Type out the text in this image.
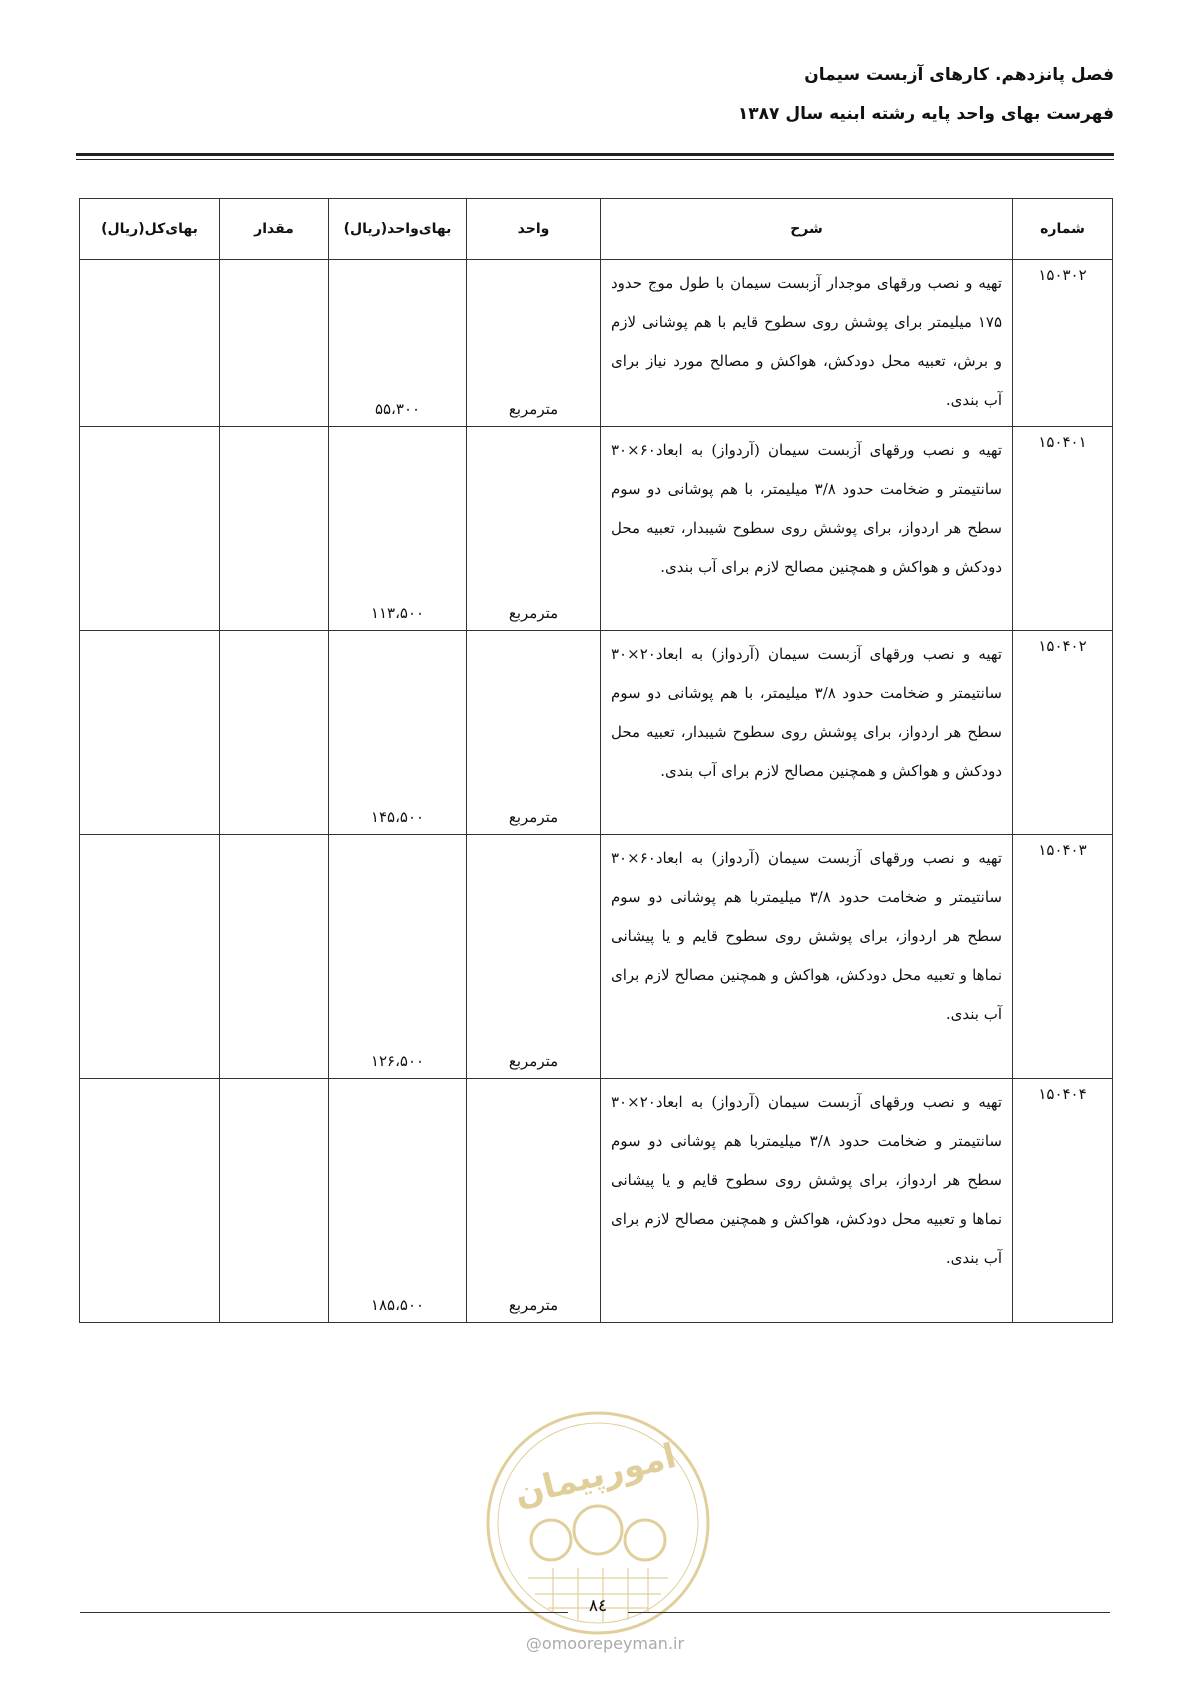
فصل پانزدهم. کارهای آزبست سیمان
فهرست بهای واحد پایه رشته ابنیه سال ۱۳۸۷
شماره	شرح	واحد	بهای‌واحد(ریال)	مقدار	بهای‌کل(ریال)
۱۵۰۳۰۲	تهیه و نصب ورقهای موجدار آزبست سیمان با طول موج حدود ۱۷۵ میلیمتر برای پوشش روی سطوح قایم با هم پوشانی لازم و برش، تعبیه محل دودکش، هواکش و مصالح مورد نیاز برای آب بندی.	مترمربع	۵۵،۳۰۰		
۱۵۰۴۰۱	تهیه و نصب ورقهای آزبست سیمان (آردواز) به ابعاد۶۰×۳۰ سانتیمتر و ضخامت حدود ۳/۸ میلیمتر، با هم پوشانی دو سوم سطح هر اردواز، برای پوشش روی سطوح شیبدار، تعبیه محل دودکش و هواکش و همچنین مصالح لازم برای آب بندی.	مترمربع	۱۱۳،۵۰۰		
۱۵۰۴۰۲	تهیه و نصب ورقهای آزبست سیمان (آردواز) به ابعاد۲۰×۳۰ سانتیمتر و ضخامت حدود ۳/۸ میلیمتر، با هم پوشانی دو سوم سطح هر اردواز، برای پوشش روی سطوح شیبدار، تعبیه محل دودکش و هواکش و همچنین مصالح لازم برای آب بندی.	مترمربع	۱۴۵،۵۰۰		
۱۵۰۴۰۳	تهیه و نصب ورقهای آزبست سیمان (آردواز) به ابعاد۶۰×۳۰ سانتیمتر و ضخامت حدود ۳/۸ میلیمتربا هم پوشانی دو سوم سطح هر اردواز، برای پوشش روی سطوح قایم و یا پیشانی نماها و تعبیه محل دودکش، هواکش و همچنین مصالح لازم برای آب بندی.	مترمربع	۱۲۶،۵۰۰		
۱۵۰۴۰۴	تهیه و نصب ورقهای آزبست سیمان (آردواز) به ابعاد۲۰×۳۰ سانتیمتر و ضخامت حدود ۳/۸ میلیمتربا هم پوشانی دو سوم سطح هر اردواز، برای پوشش روی سطوح قایم و یا پیشانی نماها و تعبیه محل دودکش، هواکش و همچنین مصالح لازم برای آب بندی.	مترمربع	۱۸۵،۵۰۰		
امورپیمان
۸٤
@omoorepeyman.ir
